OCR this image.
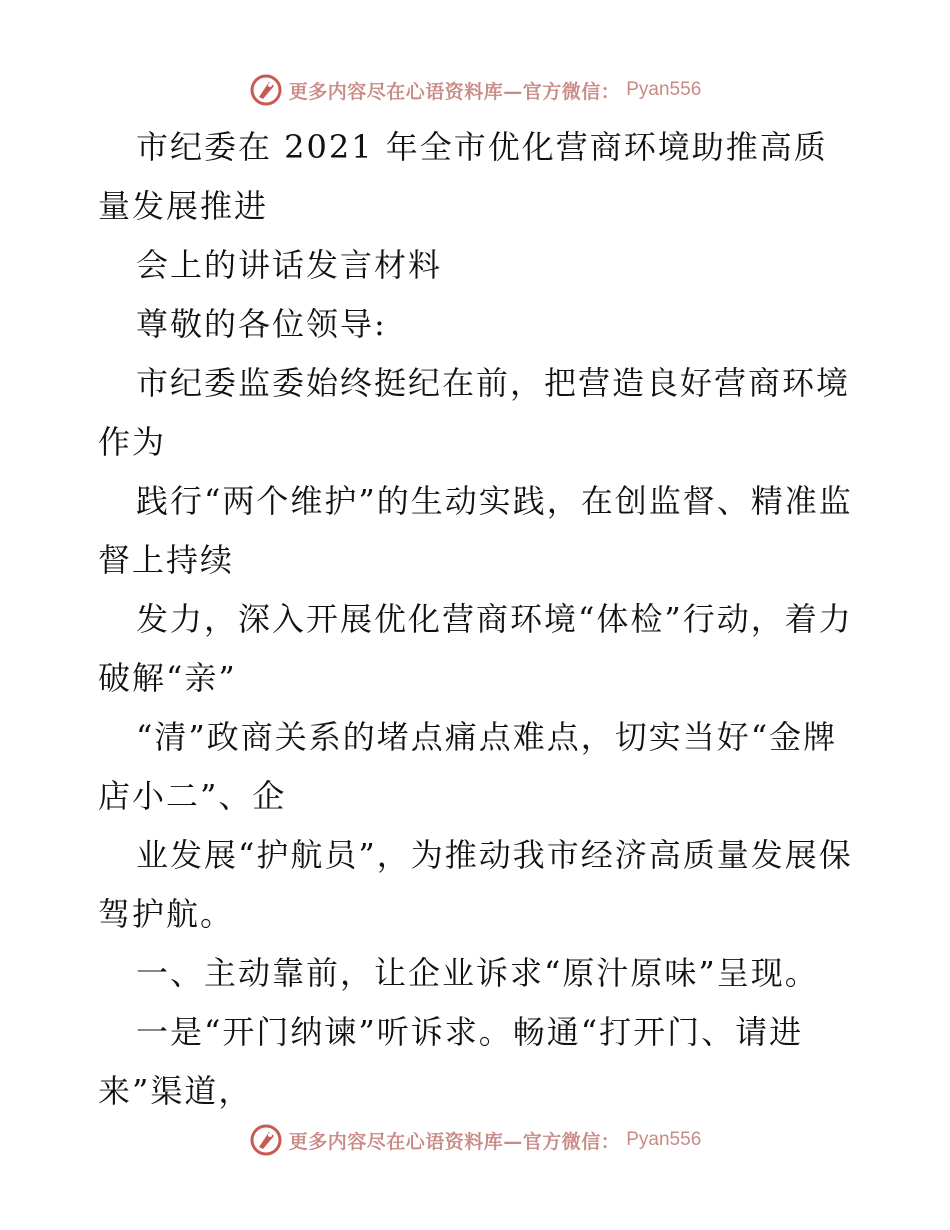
更多内容尽在心语资料库—官方微信： Pyan556

市纪委在 2021 年全市优化营商环境助推高质量发展推进

会上的讲话发言材料

尊敬的各位领导:

市纪委监委始终挺纪在前，把营造良好营商环境作为

践行“两个维护”的生动实践，在创监督、精准监督上持续

发力，深入开展优化营商环境“体检”行动，着力破解“亲”

“清”政商关系的堵点痛点难点，切实当好“金牌店小二”、企

业发展“护航员”，为推动我市经济高质量发展保驾护航。

一、主动靠前，让企业诉求“原汁原味”呈现。

一是“开门纳谏”听诉求。畅通“打开门、请进来”渠道，

更多内容尽在心语资料库—官方微信： Pyan556
